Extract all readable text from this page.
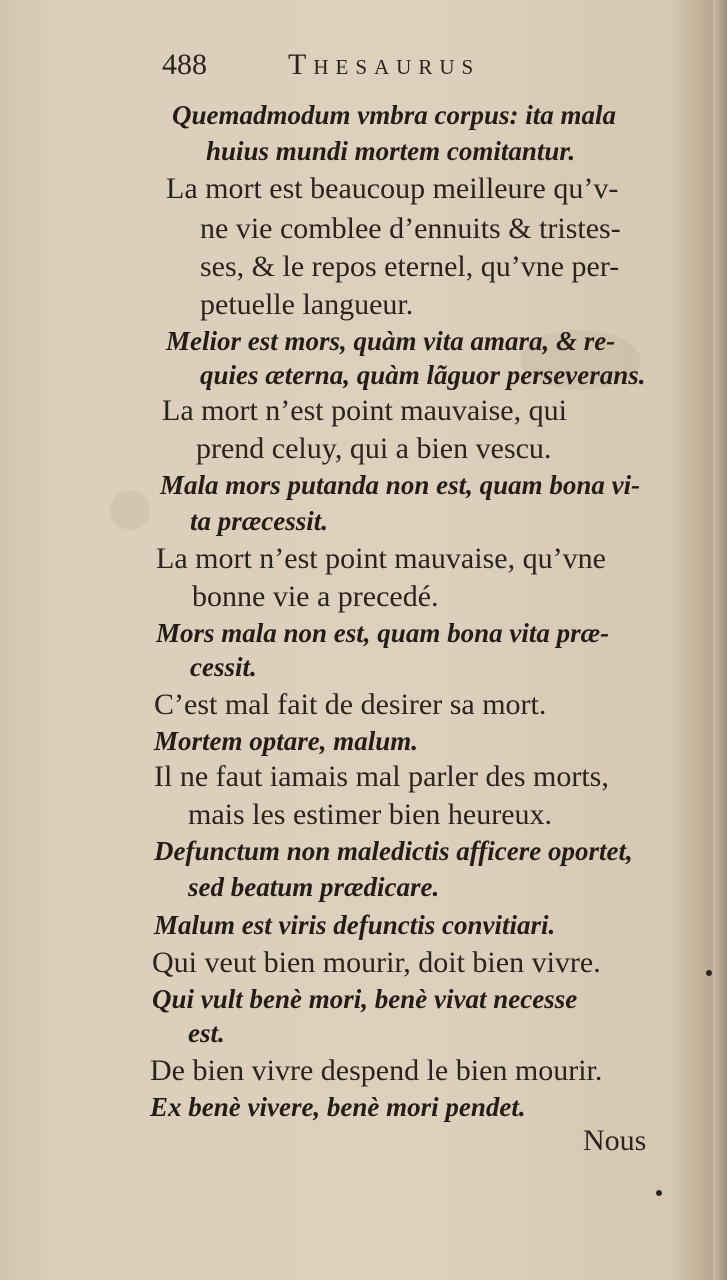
488	Thesaurus
Quemadmodum vmbra corpus: ita mala
huius mundi mortem comitantur.
La mort est beaucoup meilleure qu’v-
ne vie comblee d’ennuits & tristes-
ses, & le repos eternel, qu’vne per-
petuelle langueur.
Melior est mors, quàm vita amara, & re-
quies æterna, quàm lãguor perseverans.
La mort n’est point mauvaise, qui
prend celuy, qui a bien vescu.
Mala mors putanda non est, quam bona vi-
ta præcessit.
La mort n’est point mauvaise, qu’vne
bonne vie a precedé.
Mors mala non est, quam bona vita præ-
cessit.
C’est mal fait de desirer sa mort.
Mortem optare, malum.
Il ne faut iamais mal parler des morts,
mais les estimer bien heureux.
Defunctum non maledictis afficere oportet,
sed beatum prædicare.
Malum est viris defunctis convitiari.
Qui veut bien mourir, doit bien vivre.
Qui vult benè mori, benè vivat necesse
est.
De bien vivre despend le bien mourir.
Ex benè vivere, benè mori pendet.
Nous
